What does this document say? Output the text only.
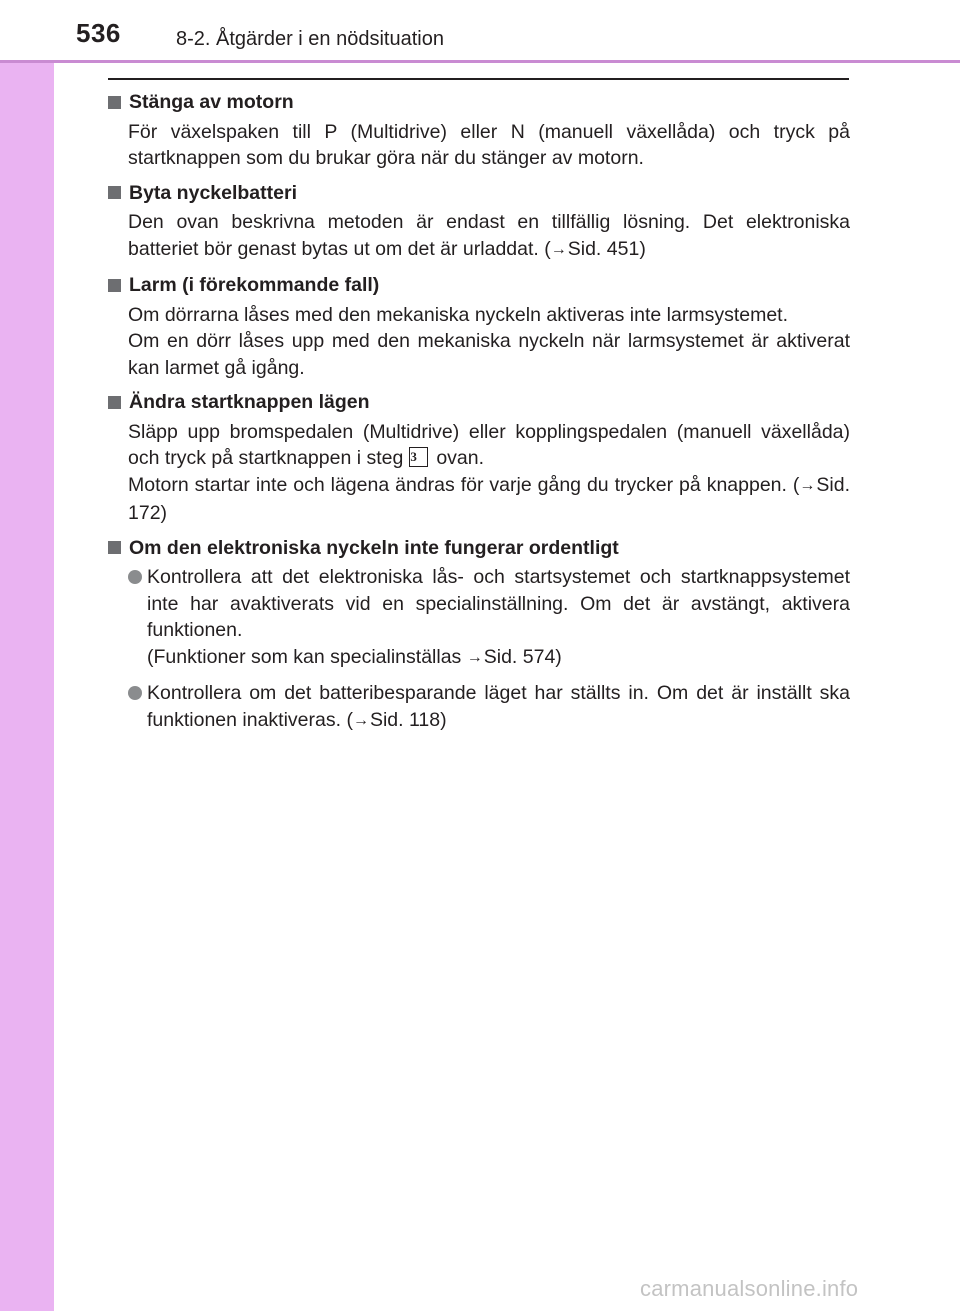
536	8-2. Åtgärder i en nödsituation
Stänga av motorn
För växelspaken till P (Multidrive) eller N (manuell växellåda) och tryck på startknappen som du brukar göra när du stänger av motorn.
Byta nyckelbatteri
Den ovan beskrivna metoden är endast en tillfällig lösning. Det elektroniska batteriet bör genast bytas ut om det är urladdat. (→Sid. 451)
Larm (i förekommande fall)
Om dörrarna låses med den mekaniska nyckeln aktiveras inte larmsystemet.
Om en dörr låses upp med den mekaniska nyckeln när larmsystemet är aktiverat kan larmet gå igång.
Ändra startknappen lägen
Släpp upp bromspedalen (Multidrive) eller kopplingspedalen (manuell växellåda) och tryck på startknappen i steg 3 ovan.
Motorn startar inte och lägena ändras för varje gång du trycker på knappen. (→Sid. 172)
Om den elektroniska nyckeln inte fungerar ordentligt
Kontrollera att det elektroniska lås- och startsystemet och startknappsystemet inte har avaktiverats vid en specialinställning. Om det är avstängt, aktivera funktionen.
(Funktioner som kan specialinställas →Sid. 574)
Kontrollera om det batteribesparande läget har ställts in. Om det är inställt ska funktionen inaktiveras. (→Sid. 118)
carmanualsonline.info
